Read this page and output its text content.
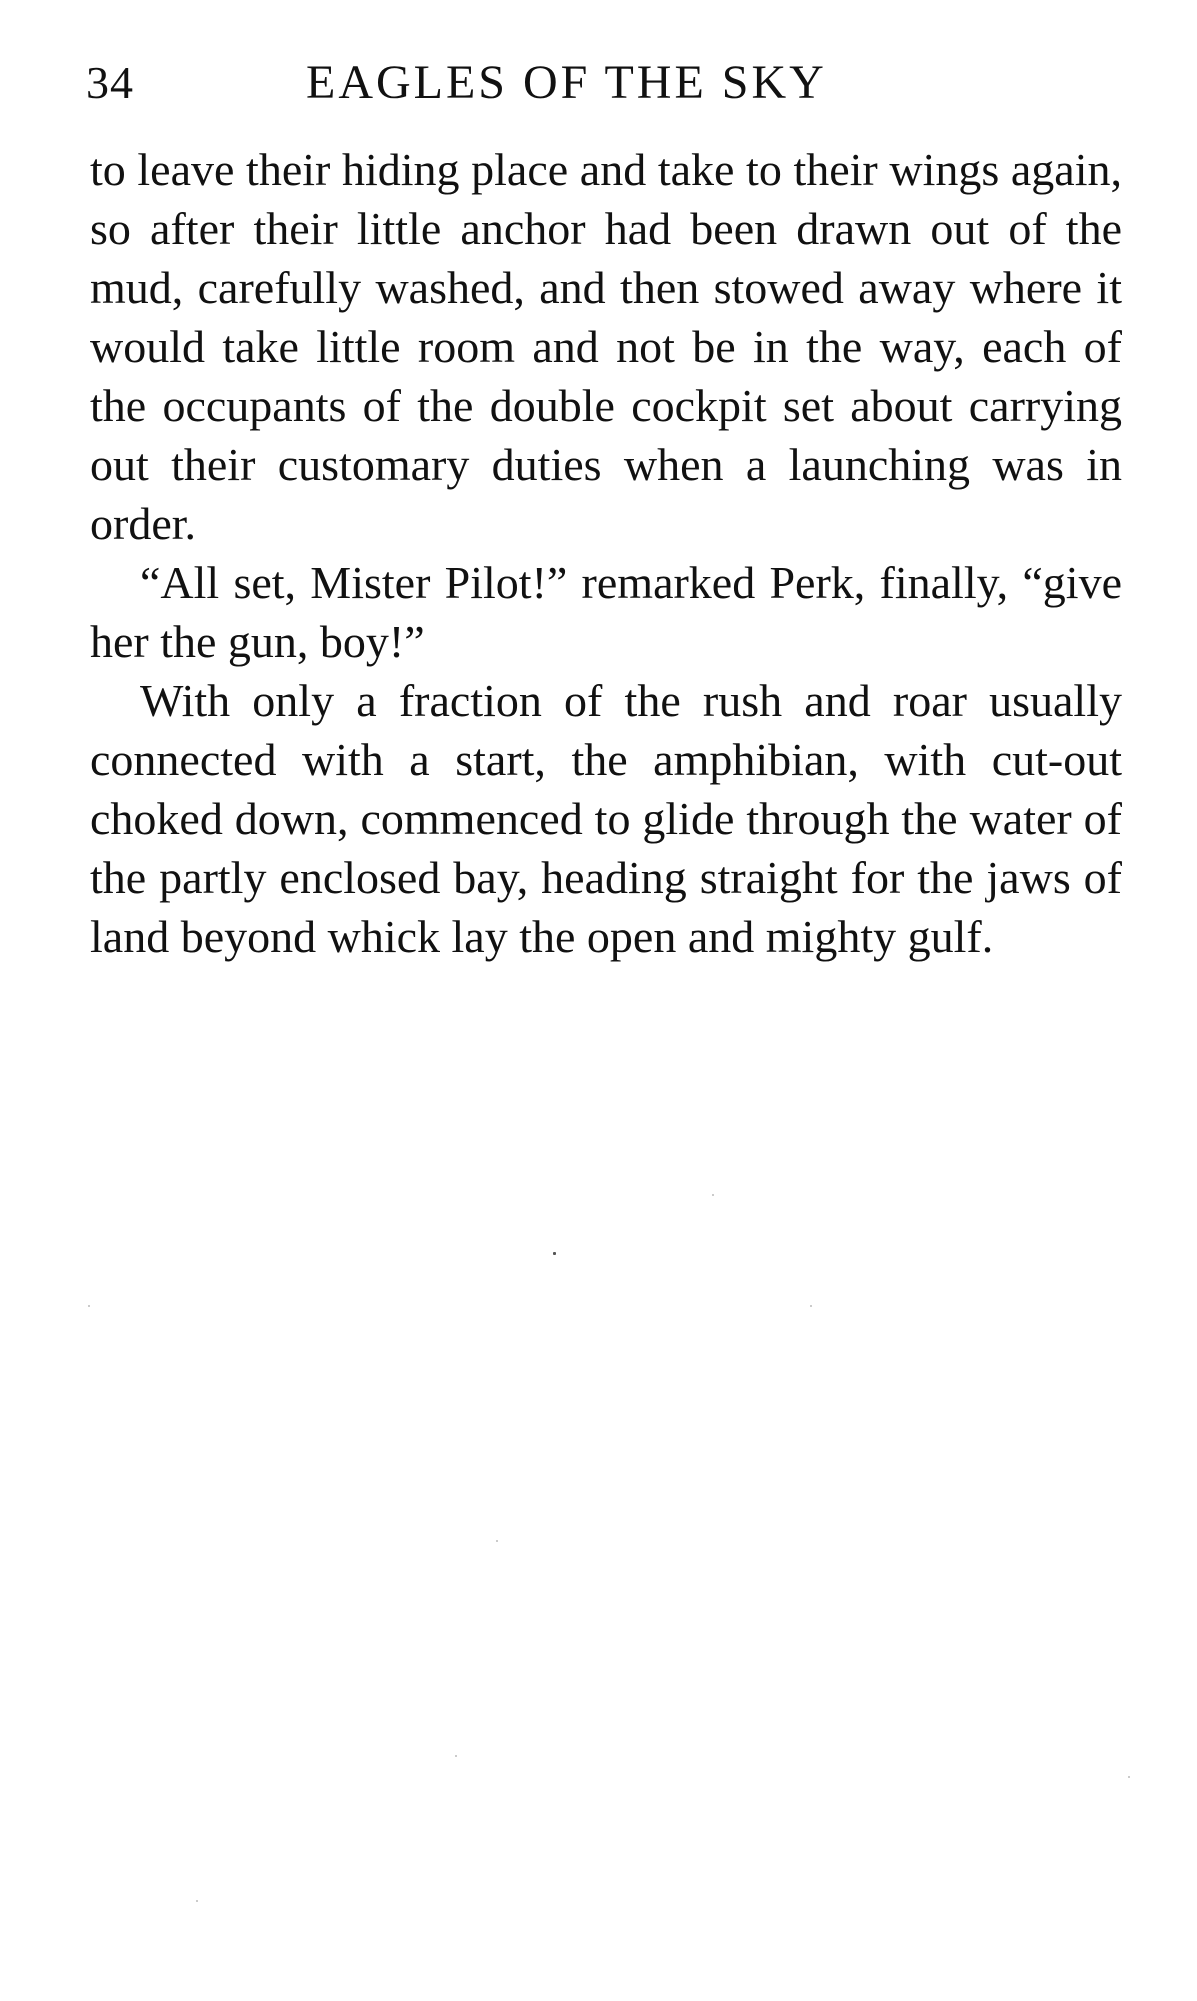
34	EAGLES OF THE SKY

to leave their hiding place and take to their wings again, so after their little anchor had been drawn out of the mud, carefully washed, and then stowed away where it would take little room and not be in the way, each of the occupants of the double cockpit set about carrying out their customary duties when a launching was in order.

“All set, Mister Pilot!” remarked Perk, finally, “give her the gun, boy!”

With only a fraction of the rush and roar usually connected with a start, the amphibian, with cut-out choked down, commenced to glide through the water of the partly enclosed bay, heading straight for the jaws of land beyond whick lay the open and mighty gulf.
